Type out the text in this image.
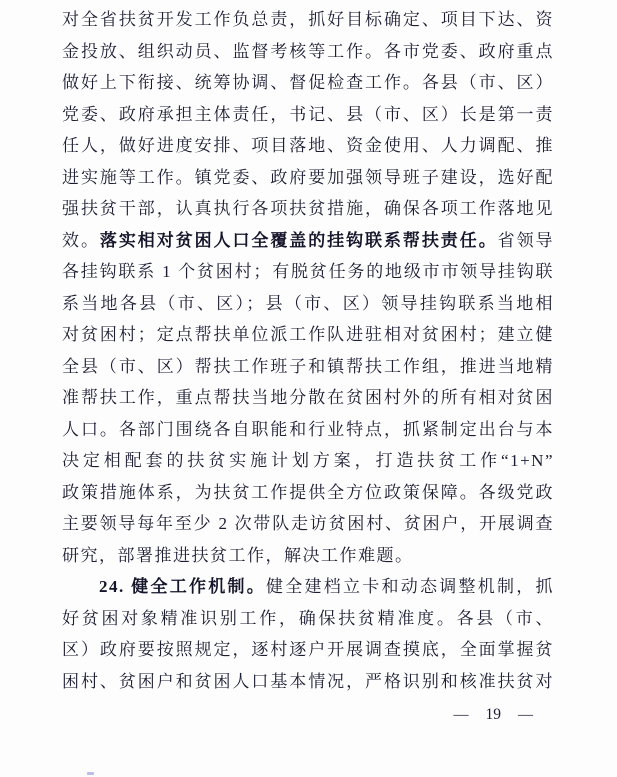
对全省扶贫开发工作负总责，抓好目标确定、项目下达、资
金投放、组织动员、监督考核等工作。各市党委、政府重点
做好上下衔接、统筹协调、督促检查工作。各县（市、区）
党委、政府承担主体责任，书记、县（市、区）长是第一责
任人，做好进度安排、项目落地、资金使用、人力调配、推
进实施等工作。镇党委、政府要加强领导班子建设，选好配
强扶贫干部，认真执行各项扶贫措施，确保各项工作落地见
效。落实相对贫困人口全覆盖的挂钩联系帮扶责任。省领导
各挂钩联系 1 个贫困村；有脱贫任务的地级市市领导挂钩联
系当地各县（市、区）；县（市、区）领导挂钩联系当地相
对贫困村；定点帮扶单位派工作队进驻相对贫困村；建立健
全县（市、区）帮扶工作班子和镇帮扶工作组，推进当地精
准帮扶工作，重点帮扶当地分散在贫困村外的所有相对贫困
人口。各部门围绕各自职能和行业特点，抓紧制定出台与本
决定相配套的扶贫实施计划方案，打造扶贫工作“1+N”
政策措施体系，为扶贫工作提供全方位政策保障。各级党政
主要领导每年至少 2 次带队走访贫困村、贫困户，开展调查
研究，部署推进扶贫工作，解决工作难题。
24. 健全工作机制。健全建档立卡和动态调整机制，抓
好贫困对象精准识别工作，确保扶贫精准度。各县（市、
区）政府要按照规定，逐村逐户开展调查摸底，全面掌握贫
困村、贫困户和贫困人口基本情况，严格识别和核准扶贫对
— 19 —
